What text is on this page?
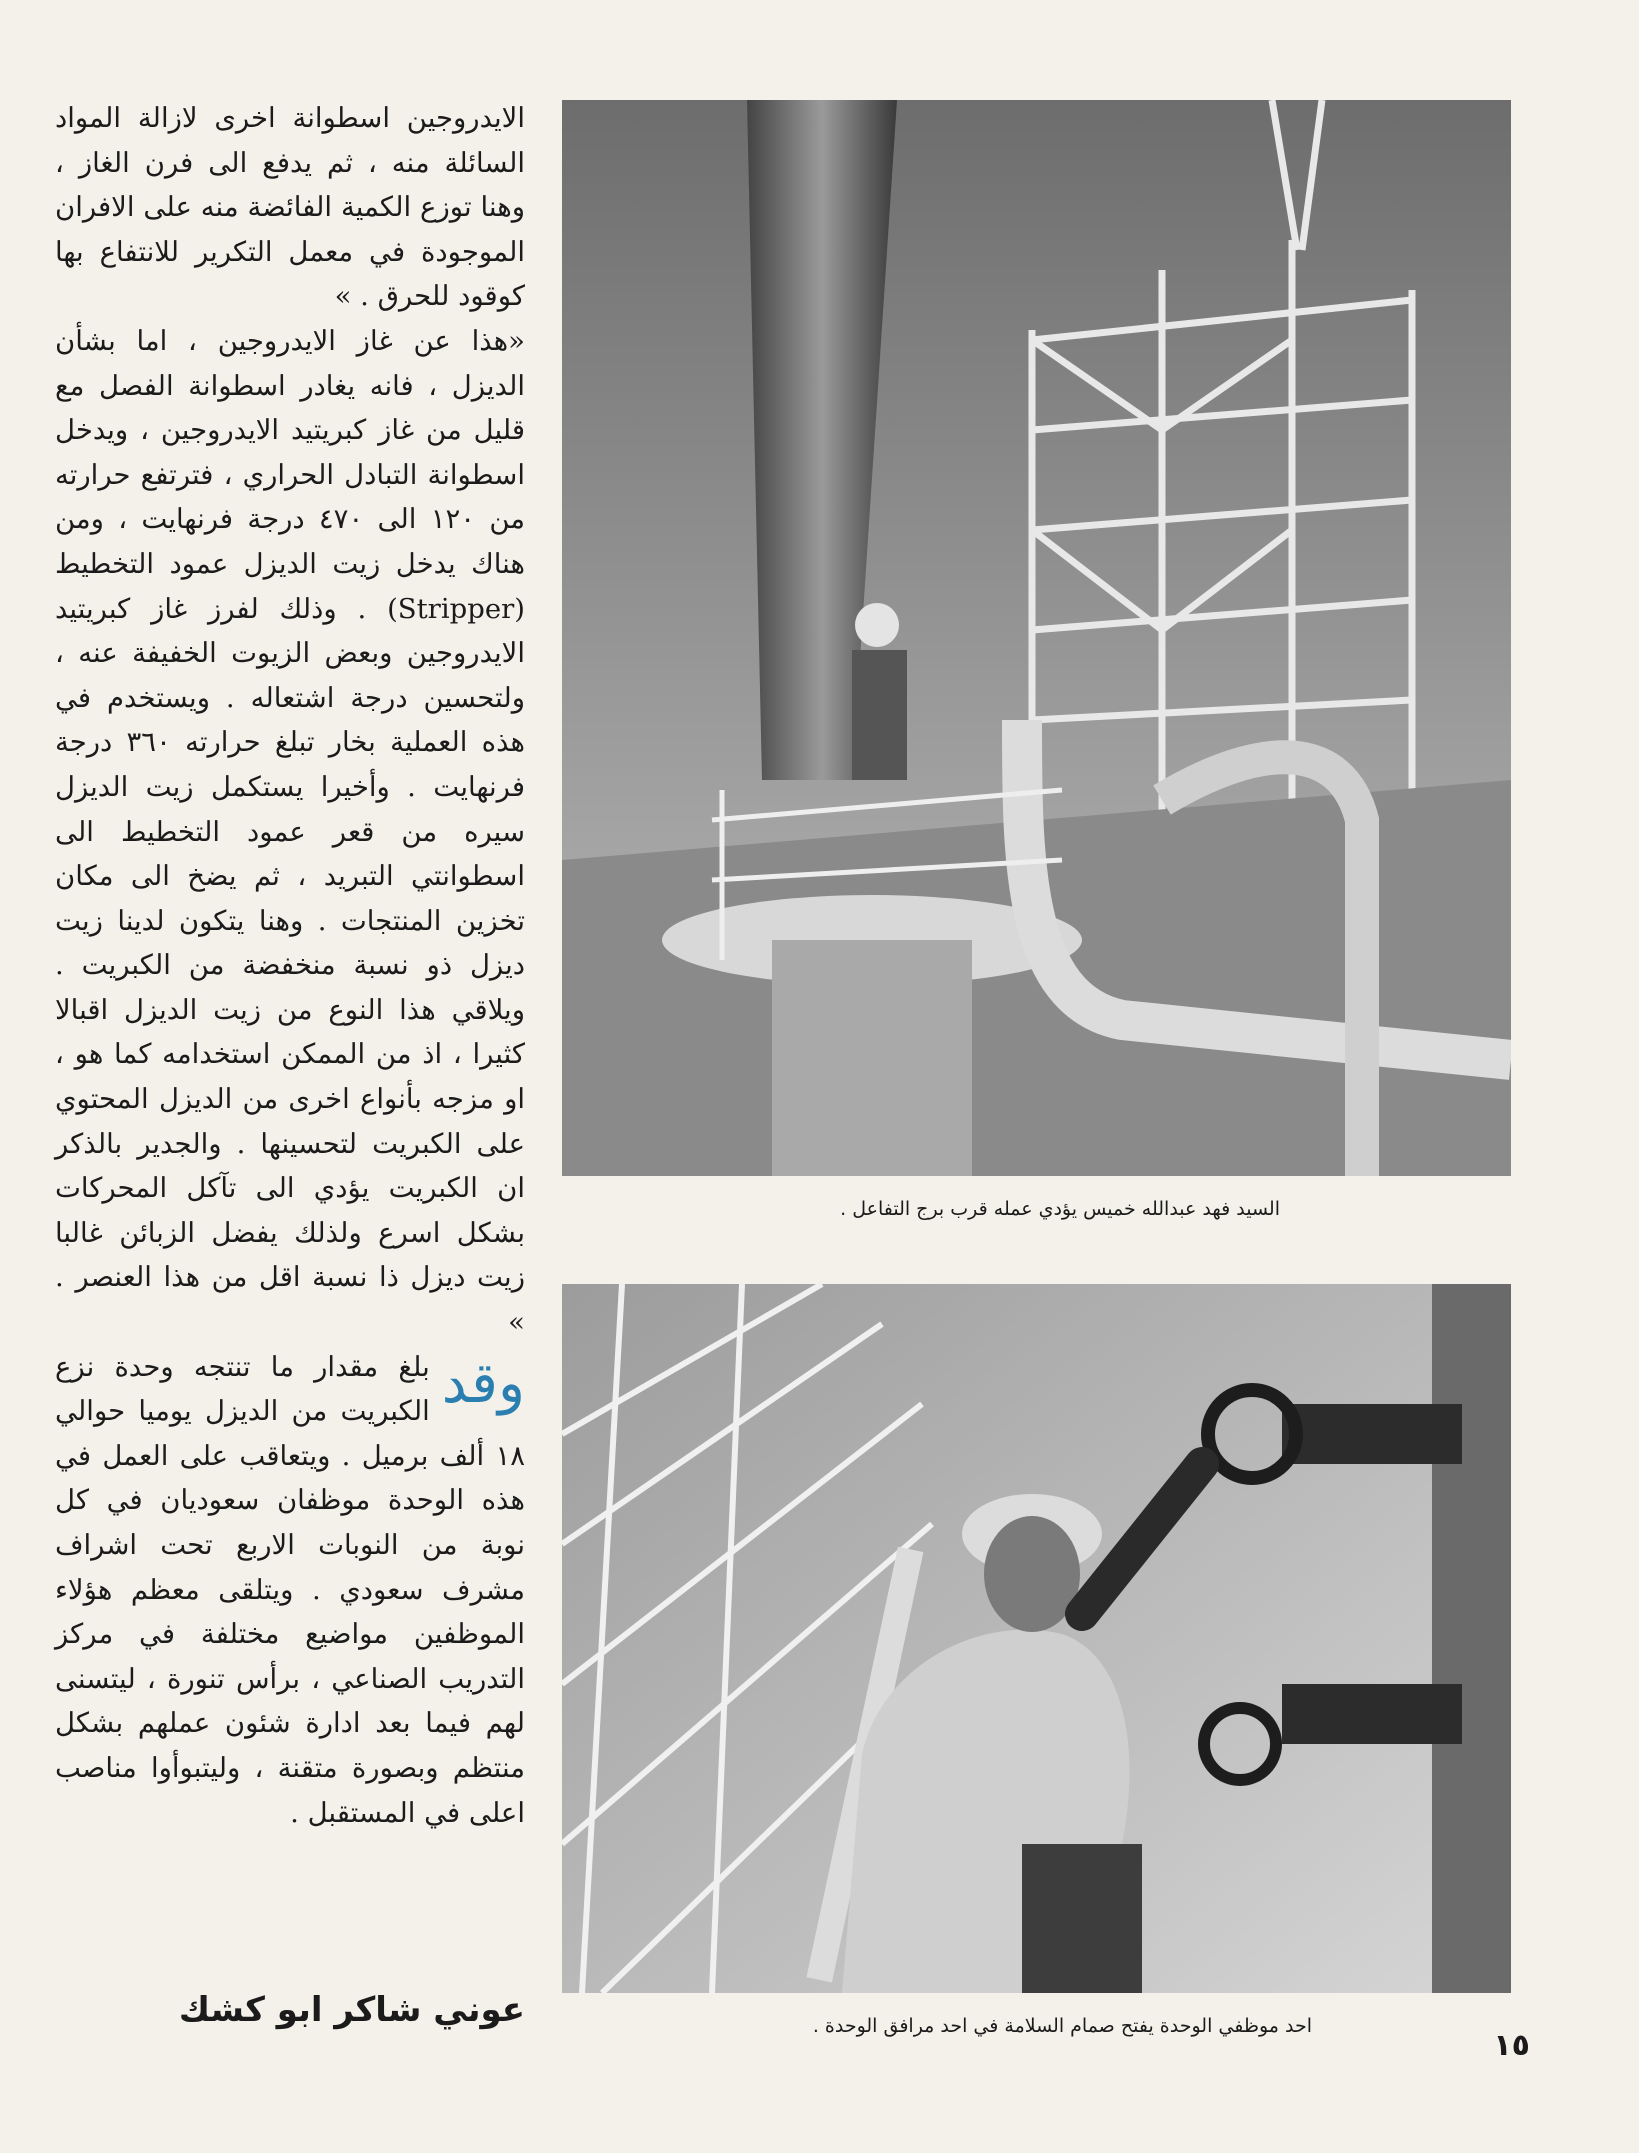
الايدروجين اسطوانة اخرى لازالة المواد السائلة منه ، ثم يدفع الى فرن الغاز ، وهنا توزع الكمية الفائضة منه على الافران الموجودة في معمل التكرير للانتفاع بها كوقود للحرق . »

«هذا عن غاز الايدروجين ، اما بشأن الديزل ، فانه يغادر اسطوانة الفصل مع قليل من غاز كبريتيد الايدروجين ، ويدخل اسطوانة التبادل الحراري ، فترتفع حرارته من ١٢٠ الى ٤٧٠ درجة فرنهايت ، ومن هناك يدخل زيت الديزل عمود التخطيط (Stripper) . وذلك لفرز غاز كبريتيد الايدروجين وبعض الزيوت الخفيفة عنه ، ولتحسين درجة اشتعاله . ويستخدم في هذه العملية بخار تبلغ حرارته ٣٦٠ درجة فرنهايت . وأخيرا يستكمل زيت الديزل سيره من قعر عمود التخطيط الى اسطوانتي التبريد ، ثم يضخ الى مكان تخزين المنتجات . وهنا يتكون لدينا زيت ديزل ذو نسبة منخفضة من الكبريت . ويلاقي هذا النوع من زيت الديزل اقبالا كثيرا ، اذ من الممكن استخدامه كما هو ، او مزجه بأنواع اخرى من الديزل المحتوي على الكبريت لتحسينها . والجدير بالذكر ان الكبريت يؤدي الى تآكل المحركات بشكل اسرع ولذلك يفضل الزبائن غالبا زيت ديزل ذا نسبة اقل من هذا العنصر . »

وقد

بلغ مقدار ما تنتجه وحدة نزع الكبريت من الديزل يوميا حوالي ١٨ ألف برميل . ويتعاقب على العمل في هذه الوحدة موظفان سعوديان في كل نوبة من النوبات الاربع تحت اشراف مشرف سعودي . ويتلقى معظم هؤلاء الموظفين مواضيع مختلفة في مركز التدريب الصناعي ، برأس تنورة ، ليتسنى لهم فيما بعد ادارة شئون عملهم بشكل منتظم وبصورة متقنة ، وليتبوأوا مناصب اعلى في المستقبل .

عوني شاكر ابو كشك
السيد فهد عبدالله خميس يؤدي عمله قرب برج التفاعل .
احد موظفي الوحدة يفتح صمام السلامة في احد مرافق الوحدة .
١٥
